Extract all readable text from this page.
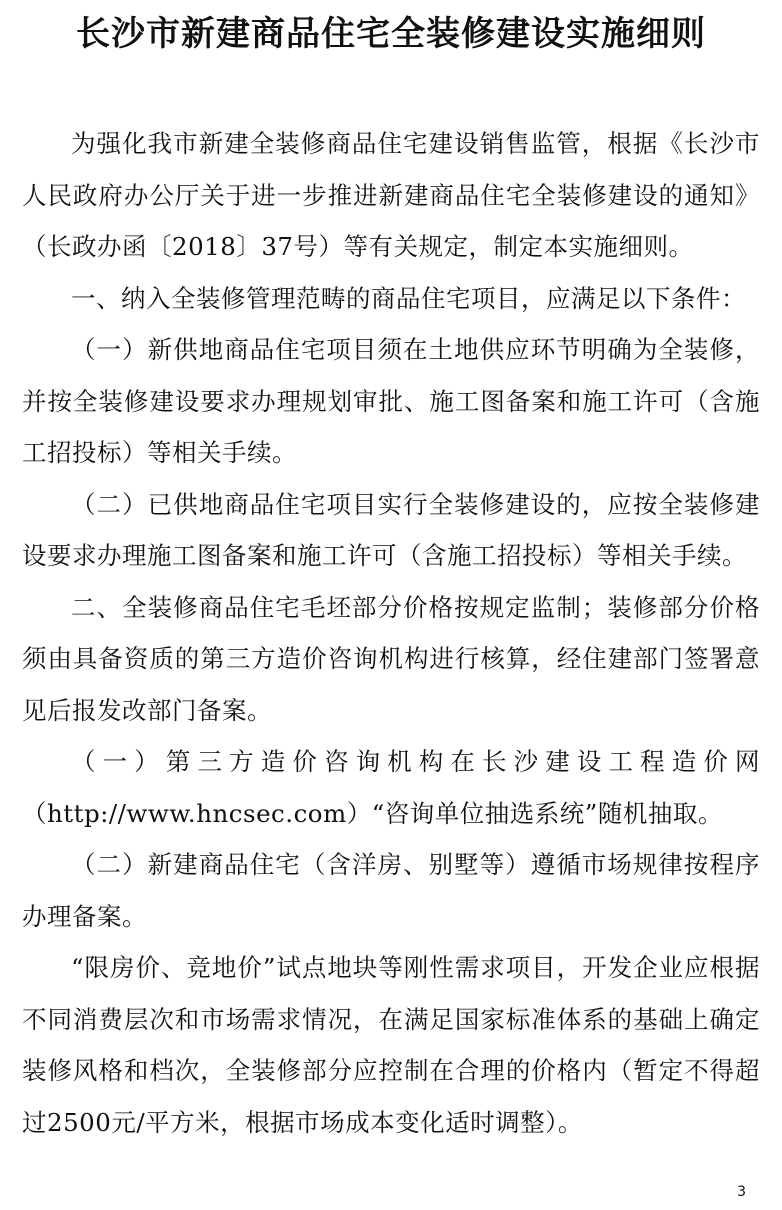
长沙市新建商品住宅全装修建设实施细则

为强化我市新建全装修商品住宅建设销售监管，根据《长沙市人民政府办公厅关于进一步推进新建商品住宅全装修建设的通知》（长政办函〔2018〕37号）等有关规定，制定本实施细则。

一、纳入全装修管理范畴的商品住宅项目，应满足以下条件：

（一）新供地商品住宅项目须在土地供应环节明确为全装修，并按全装修建设要求办理规划审批、施工图备案和施工许可（含施工招投标）等相关手续。

（二）已供地商品住宅项目实行全装修建设的，应按全装修建设要求办理施工图备案和施工许可（含施工招投标）等相关手续。

二、全装修商品住宅毛坯部分价格按规定监制；装修部分价格须由具备资质的第三方造价咨询机构进行核算，经住建部门签署意见后报发改部门备案。

（一）第三方造价咨询机构在长沙建设工程造价网（http://www.hncsec.com）“咨询单位抽选系统”随机抽取。

（二）新建商品住宅（含洋房、别墅等）遵循市场规律按程序办理备案。

“限房价、竞地价”试点地块等刚性需求项目，开发企业应根据不同消费层次和市场需求情况，在满足国家标准体系的基础上确定装修风格和档次，全装修部分应控制在合理的价格内（暂定不得超过2500元/平方米，根据市场成本变化适时调整）。

3
